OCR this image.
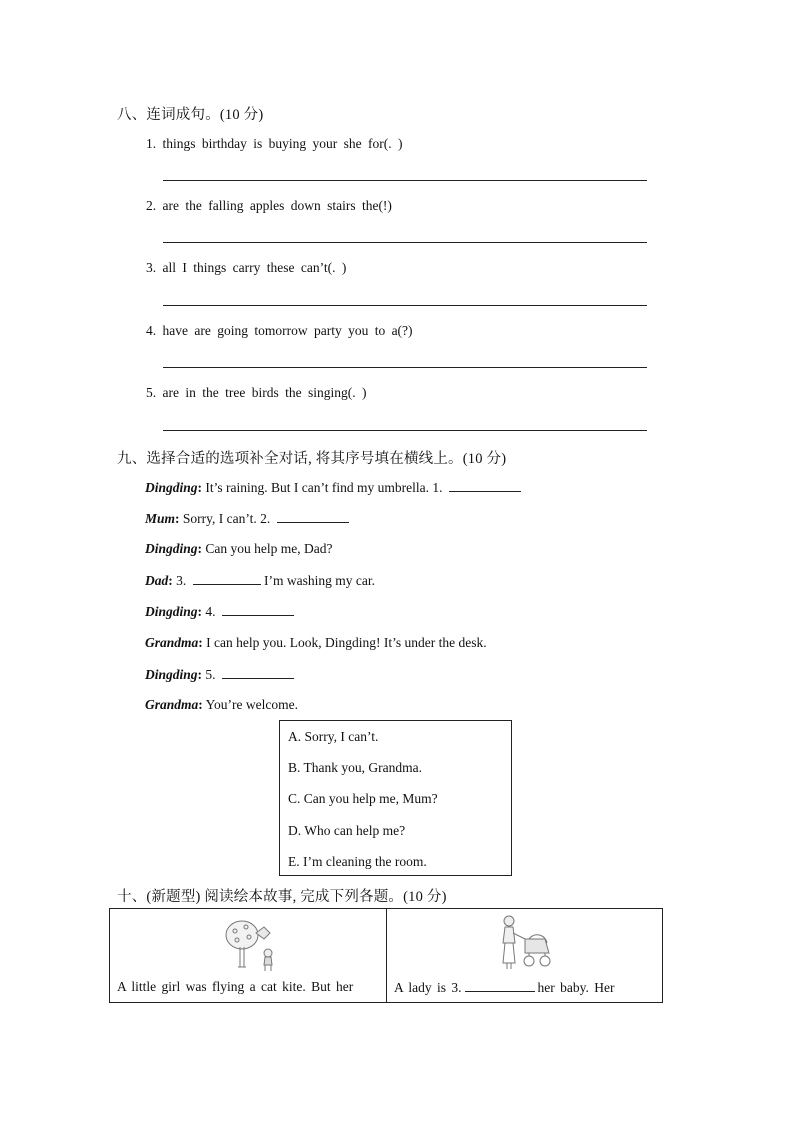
八、连词成句。(10 分)
1. things birthday is buying your she for(. )
2. are the falling apples down stairs the(!)
3. all I things carry these can’t(. )
4. have are going tomorrow party you to a(?)
5. are in the tree birds the singing(. )
九、选择合适的选项补全对话, 将其序号填在横线上。(10 分)
Dingding: It’s raining. But I can’t find my umbrella. 1.
Mum: Sorry, I can’t. 2.
Dingding: Can you help me, Dad?
Dad: 3.	I’m washing my car.
Dingding: 4.
Grandma: I can help you. Look, Dingding! It’s under the desk.
Dingding: 5.
Grandma: You’re welcome.
A. Sorry, I can’t.
B. Thank you, Grandma.
C. Can you help me, Mum?
D. Who can help me?
E. I’m cleaning the room.
十、(新题型) 阅读绘本故事, 完成下列各题。(10 分)
A little girl was flying a cat kite. But her	A lady is 3.	her baby. Her
